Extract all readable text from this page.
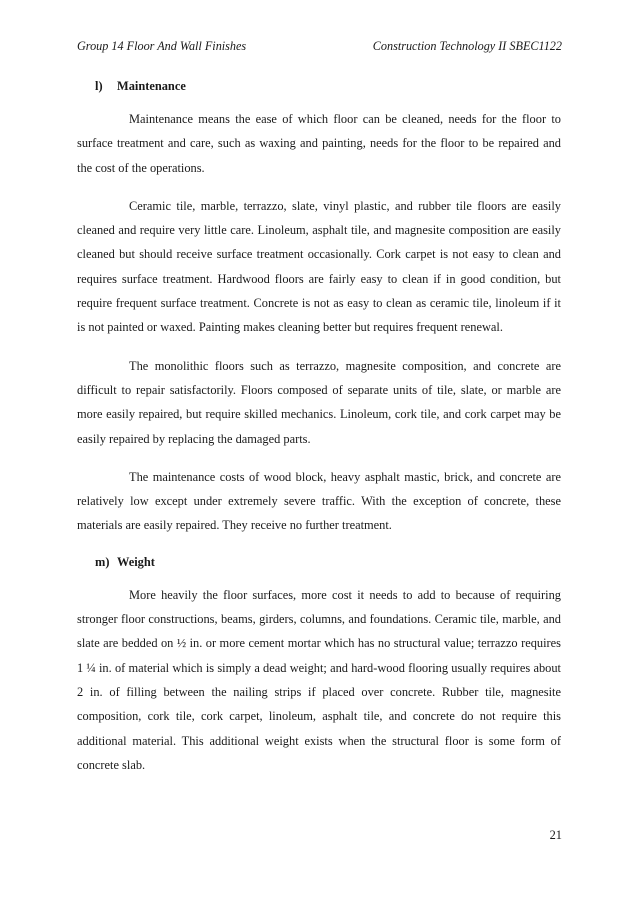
Group 14 Floor And Wall Finishes	Construction Technology II SBEC1122
l) Maintenance

Maintenance means the ease of which floor can be cleaned, needs for the floor to surface treatment and care, such as waxing and painting, needs for the floor to be repaired and the cost of the operations.

Ceramic tile, marble, terrazzo, slate, vinyl plastic, and rubber tile floors are easily cleaned and require very little care. Linoleum, asphalt tile, and magnesite composition are easily cleaned but should receive surface treatment occasionally. Cork carpet is not easy to clean and requires surface treatment. Hardwood floors are fairly easy to clean if in good condition, but require frequent surface treatment. Concrete is not as easy to clean as ceramic tile, linoleum if it is not painted or waxed. Painting makes cleaning better but requires frequent renewal.

The monolithic floors such as terrazzo, magnesite composition, and concrete are difficult to repair satisfactorily. Floors composed of separate units of tile, slate, or marble are more easily repaired, but require skilled mechanics. Linoleum, cork tile, and cork carpet may be easily repaired by replacing the damaged parts.

The maintenance costs of wood block, heavy asphalt mastic, brick, and concrete are relatively low except under extremely severe traffic. With the exception of concrete, these materials are easily repaired. They receive no further treatment.

m) Weight

More heavily the floor surfaces, more cost it needs to add to because of requiring stronger floor constructions, beams, girders, columns, and foundations. Ceramic tile, marble, and slate are bedded on ½ in. or more cement mortar which has no structural value; terrazzo requires 1 ¼ in. of material which is simply a dead weight; and hard-wood flooring usually requires about 2 in. of filling between the nailing strips if placed over concrete. Rubber tile, magnesite composition, cork tile, cork carpet, linoleum, asphalt tile, and concrete do not require this additional material. This additional weight exists when the structural floor is some form of concrete slab.

21
